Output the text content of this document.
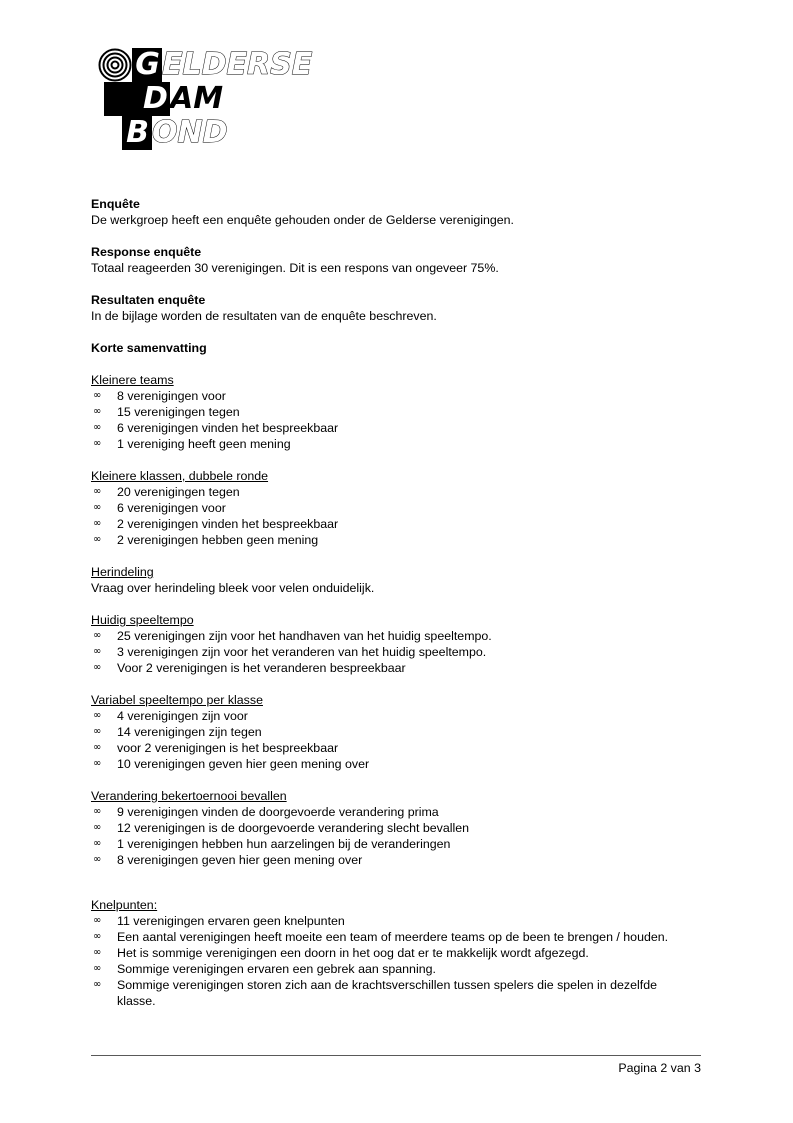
G ELDERSE
D AM
B OND
Enquête
De werkgroep heeft een enquête gehouden onder de Gelderse verenigingen.
Response enquête
Totaal reageerden 30 verenigingen. Dit is een respons van ongeveer 75%.
Resultaten enquête
In de bijlage worden de resultaten van de enquête beschreven.
Korte samenvatting
Kleinere teams
∞	8 verenigingen voor
∞	15 verenigingen tegen
∞	6 verenigingen vinden het bespreekbaar
∞	1 vereniging heeft geen mening
Kleinere klassen, dubbele ronde
∞	20 verenigingen tegen
∞	6 verenigingen voor
∞	2 verenigingen vinden het bespreekbaar
∞	2 verenigingen hebben geen mening
Herindeling
Vraag over herindeling bleek voor velen onduidelijk.
Huidig speeltempo
∞	25 verenigingen zijn voor het handhaven van het huidig speeltempo.
∞	3 verenigingen zijn voor het veranderen van het huidig speeltempo.
∞	Voor 2 verenigingen is het veranderen bespreekbaar
Variabel speeltempo per klasse
∞	4 verenigingen zijn voor
∞	14 verenigingen zijn tegen
∞	voor 2 verenigingen is het bespreekbaar
∞	10 verenigingen geven hier geen mening over
Verandering bekertoernooi bevallen
∞	9 verenigingen vinden de doorgevoerde verandering prima
∞	12 verenigingen is de doorgevoerde verandering slecht bevallen
∞	1 verenigingen hebben hun aarzelingen bij de veranderingen
∞	8 verenigingen geven hier geen mening over
Knelpunten:
∞	11 verenigingen ervaren geen knelpunten
∞	Een aantal verenigingen heeft moeite een team of meerdere teams op de been te brengen / houden.
∞	Het is sommige verenigingen een doorn in het oog dat er te makkelijk wordt afgezegd.
∞	Sommige verenigingen ervaren een gebrek aan spanning.
∞	Sommige verenigingen storen zich aan de krachtsverschillen tussen spelers die spelen in dezelfde klasse.
Pagina 2 van 3
